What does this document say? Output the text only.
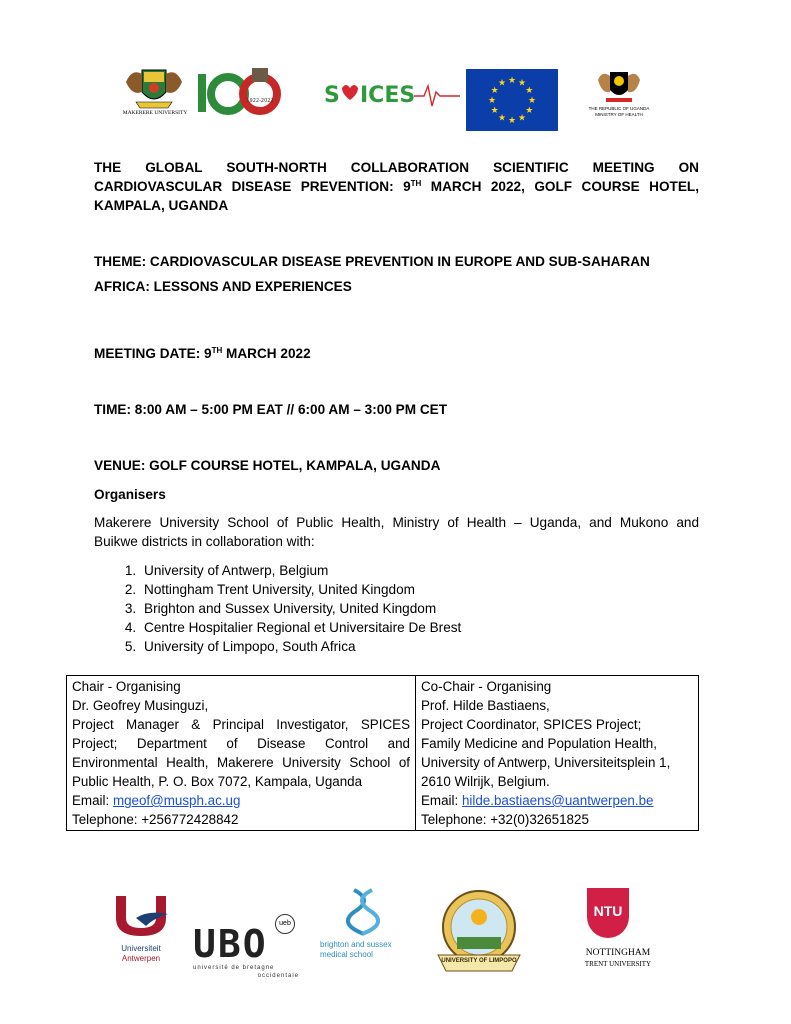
MAKERERE UNIVERSITY
1922-2022 S ICES
★ ★
★
★
★
★
★
★
★
★
★
★
THE REPUBLIC OF UGANDA
MINISTRY OF HEALTH
THE GLOBAL SOUTH-NORTH COLLABORATION SCIENTIFIC MEETING ON
CARDIOVASCULAR DISEASE PREVENTION: 9TH MARCH 2022, GOLF COURSE HOTEL,
KAMPALA, UGANDA
THEME: CARDIOVASCULAR DISEASE PREVENTION IN EUROPE AND SUB-SAHARAN
AFRICA: LESSONS AND EXPERIENCES
MEETING DATE: 9TH MARCH 2022
TIME: 8:00 AM – 5:00 PM EAT // 6:00 AM – 3:00 PM CET
VENUE: GOLF COURSE HOTEL, KAMPALA, UGANDA
Organisers
Makerere University School of Public Health, Ministry of Health – Uganda, and Mukono and
Buikwe districts in collaboration with:
1. University of Antwerp, Belgium
2. Nottingham Trent University, United Kingdom
3. Brighton and Sussex University, United Kingdom
4. Centre Hospitalier Regional et Universitaire De Brest
5. University of Limpopo, South Africa
Chair - Organising
Dr. Geofrey Musinguzi,
Project Manager & Principal Investigator, SPICES
Project; Department of Disease Control and
Environmental Health, Makerere University School of
Public Health, P. O. Box 7072, Kampala, Uganda
Email: mgeof@musph.ac.ug
Telephone: +256772428842

Co-Chair - Organising
Prof. Hilde Bastiaens,
Project Coordinator, SPICES Project;
Family Medicine and Population Health,
University of Antwerp, Universiteitsplein 1,
2610 Wilrijk, Belgium.
Email: hilde.bastiaens@uantwerpen.be
Telephone: +32(0)32651825
Universiteit
Antwerpen UBO	ueb
université de bretagne
occidentale
brighton and sussex
medical school
UNIVERSITY OF LIMPOPO
NTU
NOTTINGHAM
TRENT UNIVERSITY
